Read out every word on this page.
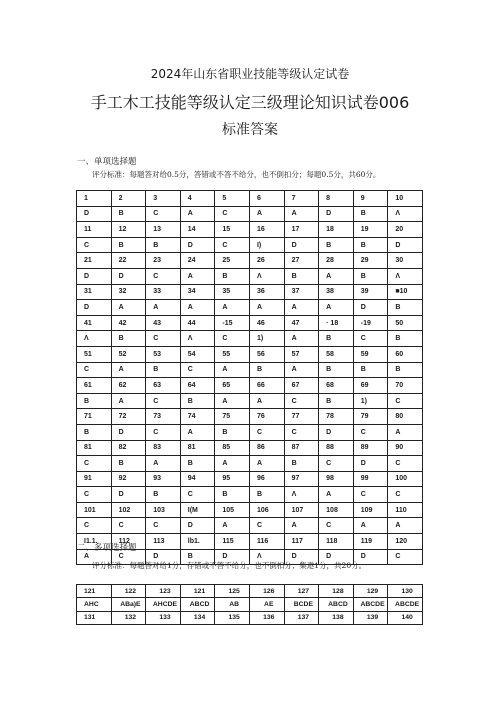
2024年山东省职业技能等级认定试卷

手工木工技能等级认定三级理论知识试卷006

标准答案

一、单项选择题

评分标准：每题答对给0.5分，答错或不答不给分，也不倒扣分；每题0.5分，共60分。

1	2	3	4	5	6	7	8	9	10
D	B	C	A	C	A	A	D	B	Λ
11	12	13	14	15	16	17	18	19	20
C	B	B	D	C	I)	D	B	B	D
21	22	23	24	25	26	27	28	29	30
D	D	C	A	B	Λ	B	A	B	Λ
31	32	33	34	35	36	37	38	39	■10
D	A	A	A	A	A	A	A	D	B
41	42	43	44	-15	46	47	· 18	-19	50
Λ	B	C	Λ	C	1)	A	B	C	B
51	52	53	54	55	56	57	58	59	60
C	A	B	C	A	B	A	B	B	B
61	62	63	64	65	66	67	68	69	70
B	A	C	B	A	A	C	B	1)	C
71	72	73	74	75	76	77	78	79	80
B	D	C	A	B	C	C	D	C	A
81	82	83	81	85	86	87	88	89	90
C	B	A	B	A	A	B	C	D	C
91	92	93	94	95	96	97	98	99	100
C	D	B	C	B	B	Λ	A	C	C
101	102	103	I(M	105	106	107	108	109	110
C	C	C	D	A	C	A	C	A	A
I1.1.	112	113	lb1.	115	116	117	118	119	120
A	C	D	B	D	Λ	D	D	D	C

二、多项选择题

评分标准：每题答对给1分，存错或不答不给分，也不倒扣分；集遨1分，共20分。

121	122	123	121	125	126	127	128	129	130
AHC	ABa)E	AHCDE	ABCD	AB	AE	BCDE	ABCD	ABCDE	ABCDE
131	132	133	134	135	136	137	138	139	140
